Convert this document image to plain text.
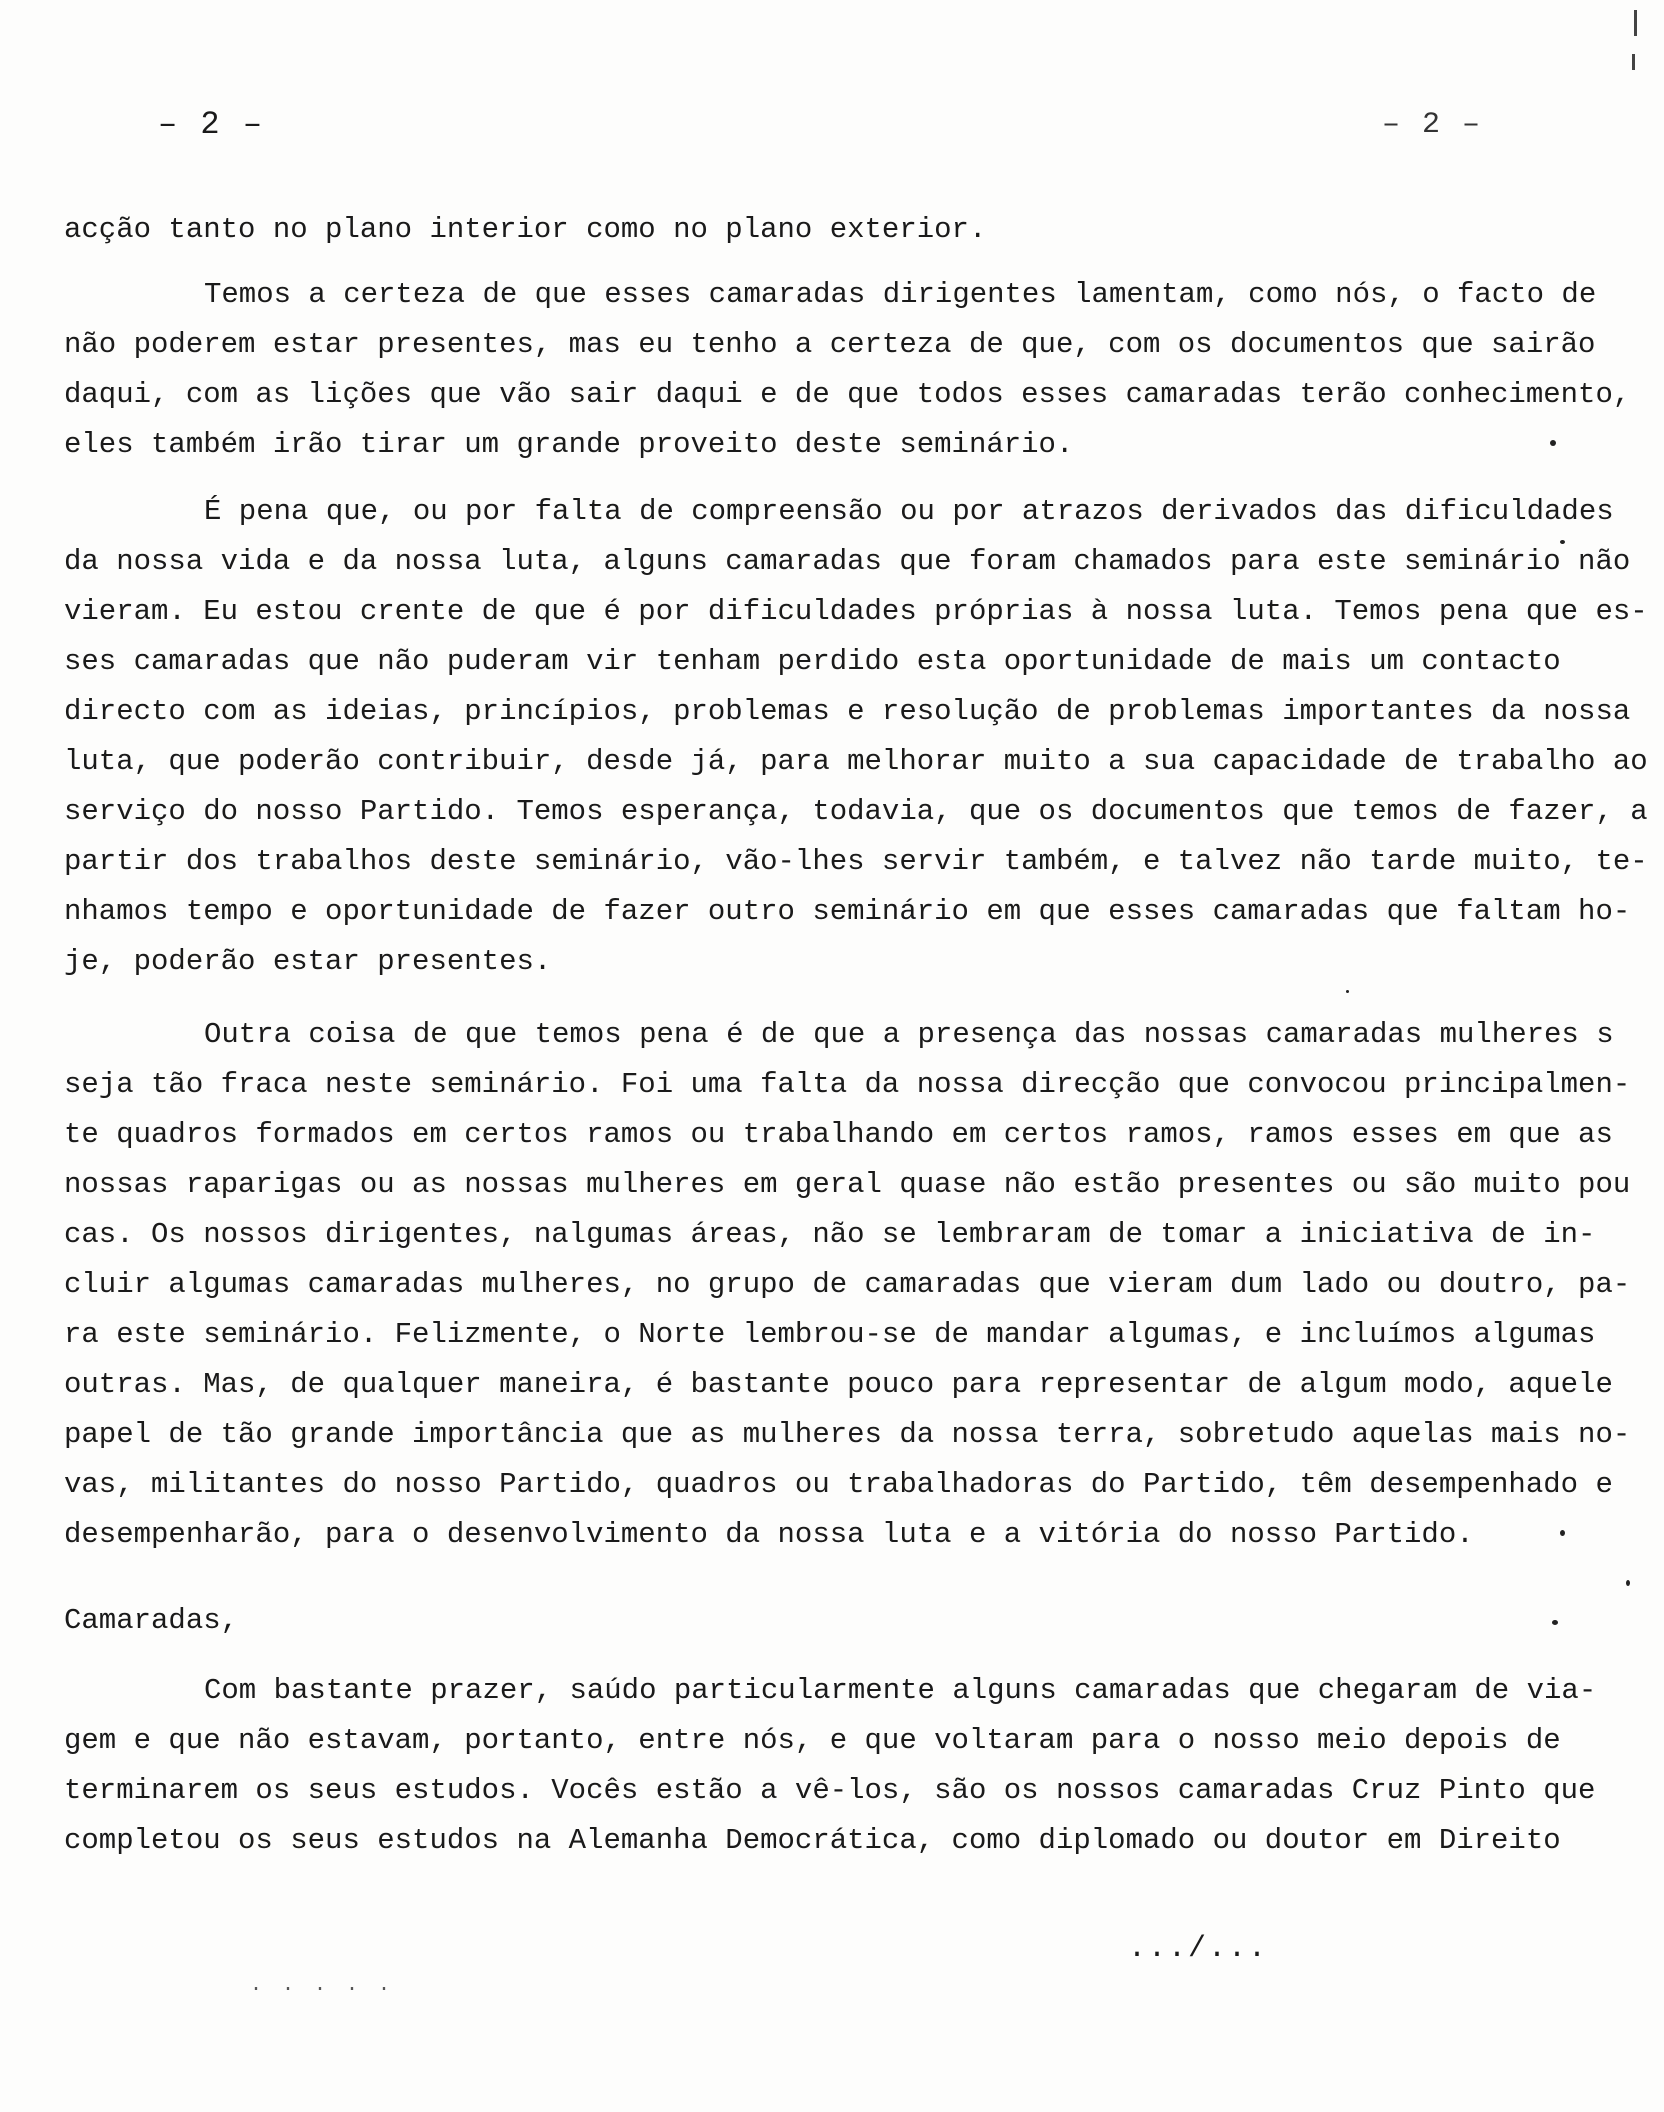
– 2 –	– 2 –
acção tanto no plano interior como no plano exterior.
Temos a certeza de que esses camaradas dirigentes lamentam, como nós, o facto de
não poderem estar presentes, mas eu tenho a certeza de que, com os documentos que sairão
daqui, com as lições que vão sair daqui e de que todos esses camaradas terão conhecimento,
eles também irão tirar um grande proveito deste seminário.
É pena que, ou por falta de compreensão ou por atrazos derivados das dificuldades
da nossa vida e da nossa luta, alguns camaradas que foram chamados para este seminário não
vieram. Eu estou crente de que é por dificuldades próprias à nossa luta. Temos pena que es-
ses camaradas que não puderam vir tenham perdido esta oportunidade de mais um contacto
directo com as ideias, princípios, problemas e resolução de problemas importantes da nossa
luta, que poderão contribuir, desde já, para melhorar muito a sua capacidade de trabalho ao
serviço do nosso Partido. Temos esperança, todavia, que os documentos que temos de fazer, a
partir dos trabalhos deste seminário, vão-lhes servir também, e talvez não tarde muito, te-
nhamos tempo e oportunidade de fazer outro seminário em que esses camaradas que faltam ho-
je, poderão estar presentes.
Outra coisa de que temos pena é de que a presença das nossas camaradas mulheres s
seja tão fraca neste seminário. Foi uma falta da nossa direcção que convocou principalmen-
te quadros formados em certos ramos ou trabalhando em certos ramos, ramos esses em que as
nossas raparigas ou as nossas mulheres em geral quase não estão presentes ou são muito pou
cas. Os nossos dirigentes, nalgumas áreas, não se lembraram de tomar a iniciativa de in-
cluir algumas camaradas mulheres, no grupo de camaradas que vieram dum lado ou doutro, pa-
ra este seminário. Felizmente, o Norte lembrou-se de mandar algumas, e incluímos algumas
outras. Mas, de qualquer maneira, é bastante pouco para representar de algum modo, aquele
papel de tão grande importância que as mulheres da nossa terra, sobretudo aquelas mais no-
vas, militantes do nosso Partido, quadros ou trabalhadoras do Partido, têm desempenhado e
desempenharão, para o desenvolvimento da nossa luta e a vitória do nosso Partido.
Camaradas,
Com bastante prazer, saúdo particularmente alguns camaradas que chegaram de via-
gem e que não estavam, portanto, entre nós, e que voltaram para o nosso meio depois de
terminarem os seus estudos. Vocês estão a vê-los, são os nossos camaradas Cruz Pinto que
completou os seus estudos na Alemanha Democrática, como diplomado ou doutor em Direito
.../...
. . . . .
